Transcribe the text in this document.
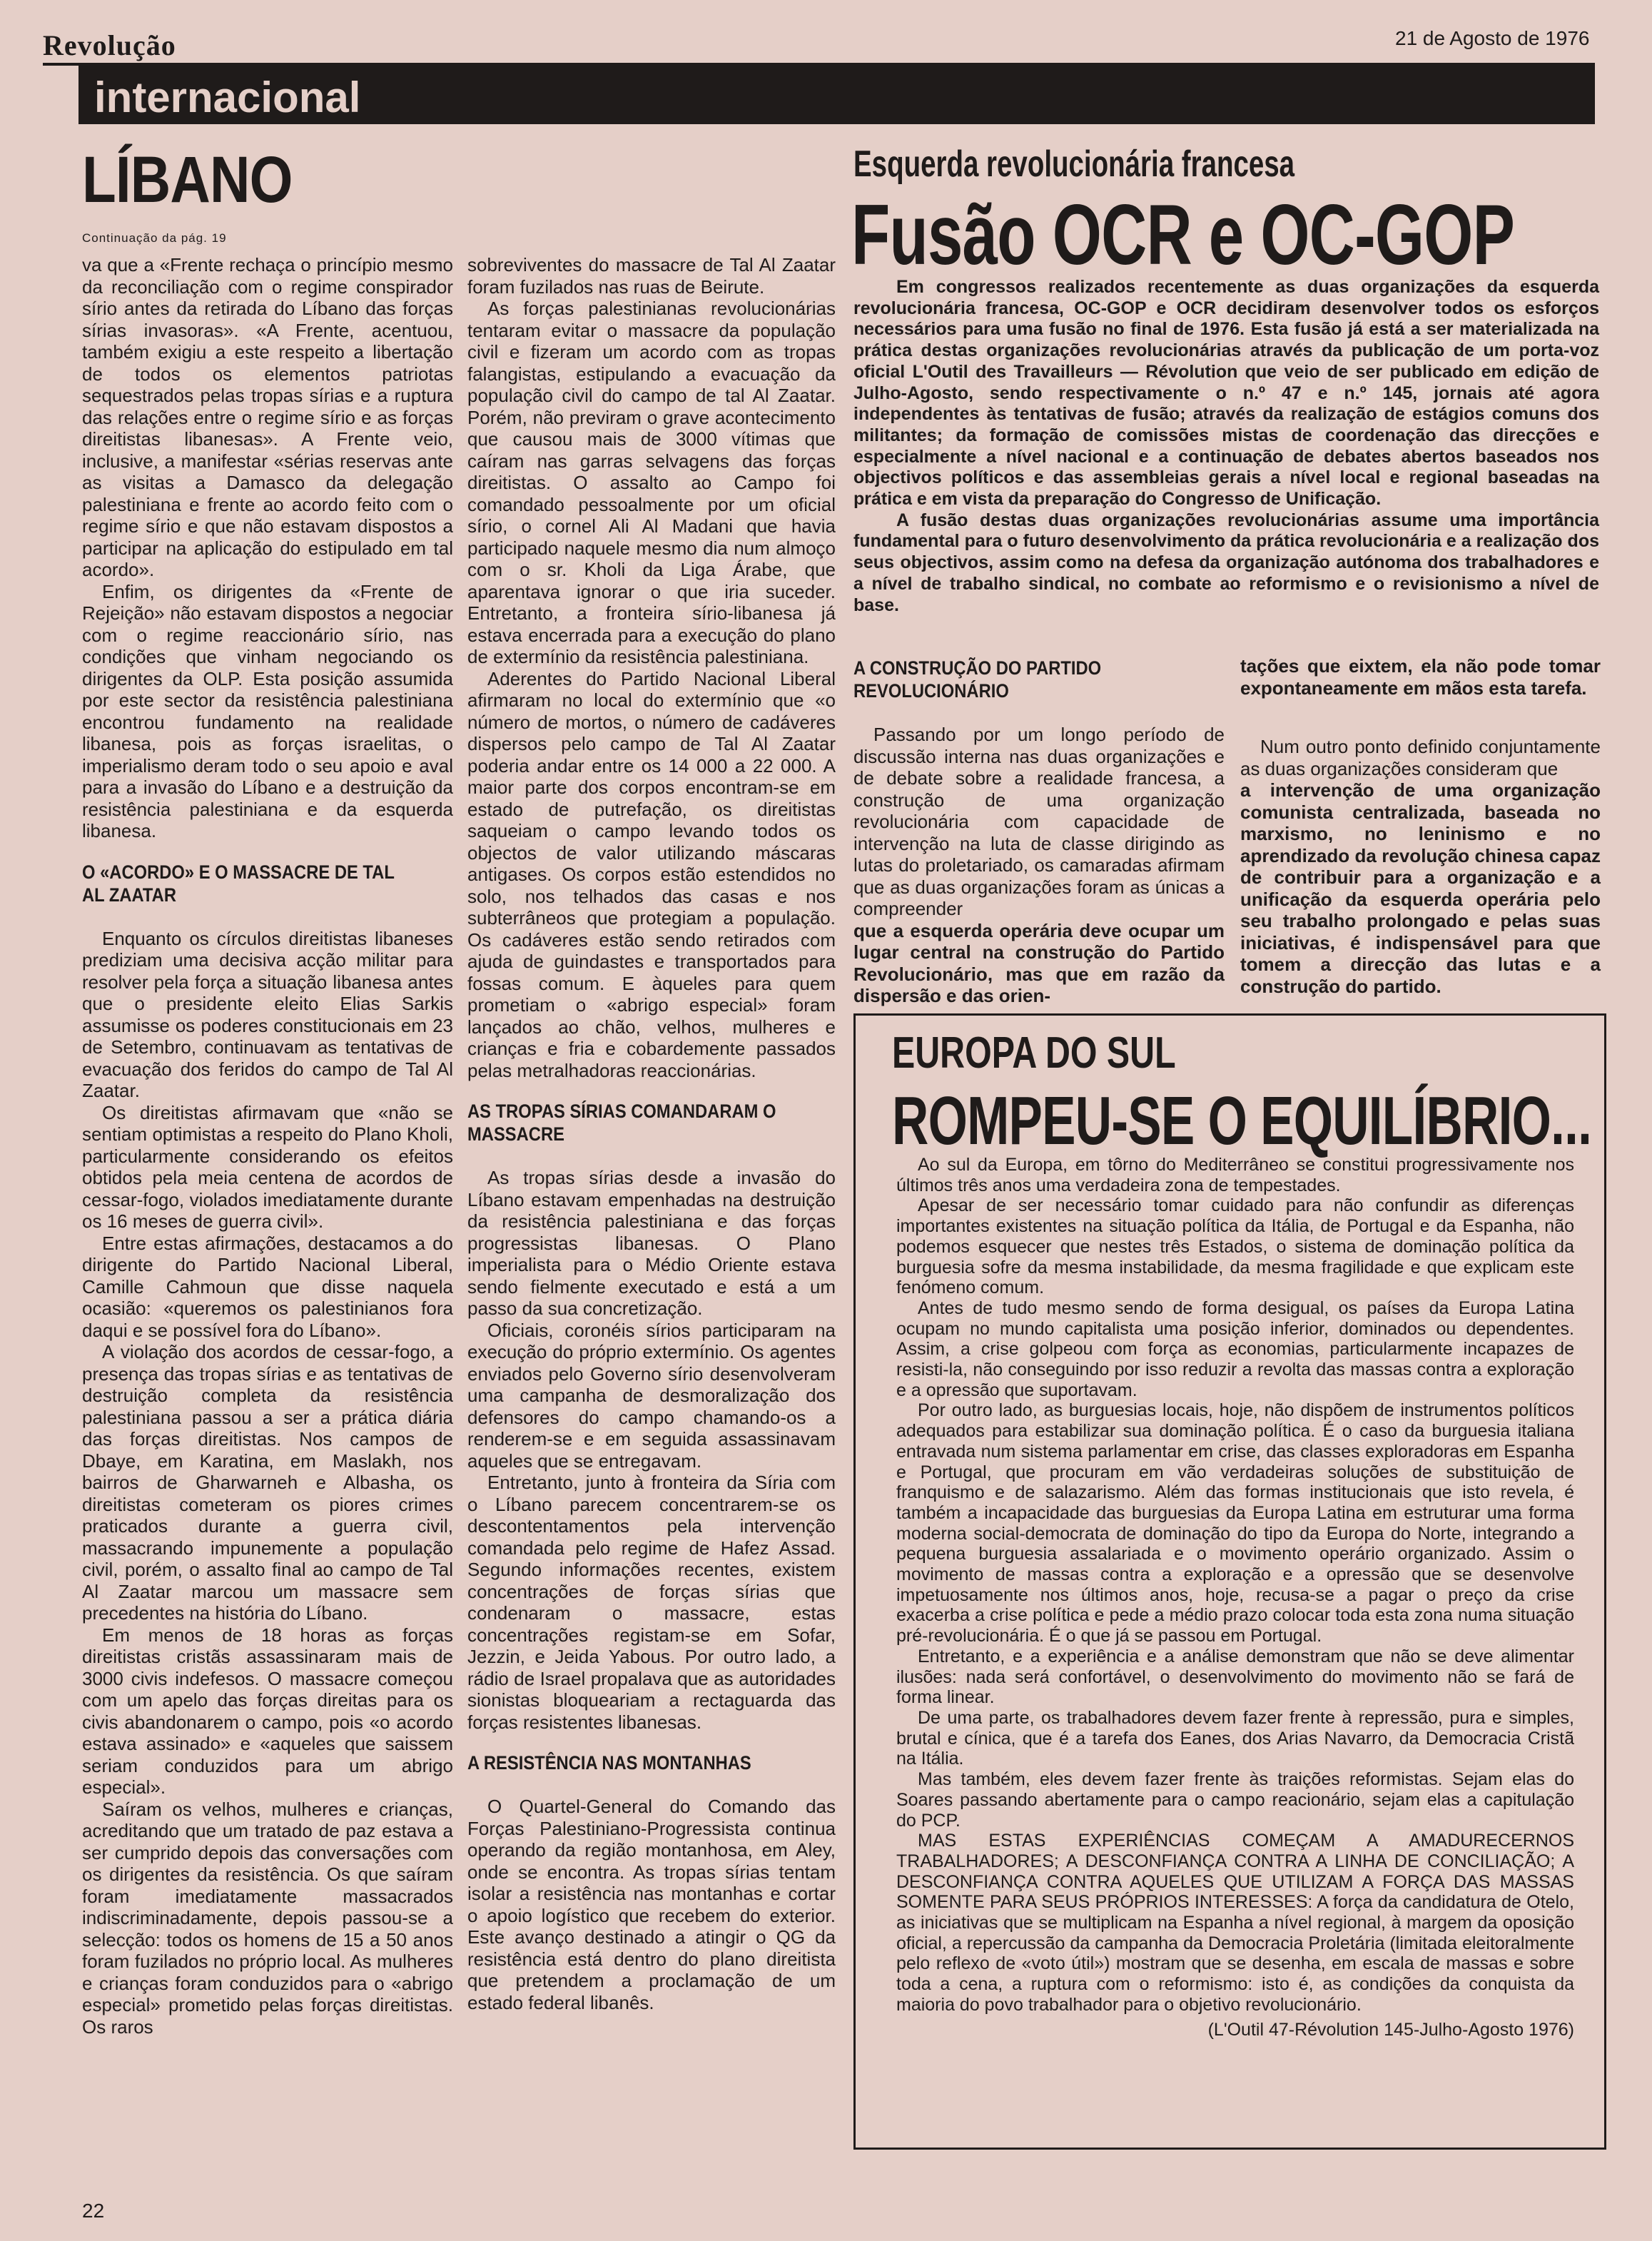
Revolução	21 de Agosto de 1976
internacional
LÍBANO
Continuação da pág. 19

va que a «Frente rechaça o princípio mesmo da reconciliação com o regime conspirador sírio antes da retirada do Líbano das forças sírias invasoras». «A Frente, acentuou, também exigiu a este respeito a libertação de todos os elementos patriotas sequestrados pelas tropas sírias e a ruptura das relações entre o regime sírio e as forças direitistas libanesas». A Frente veio, inclusive, a manifestar «sérias reservas ante as visitas a Damasco da delegação palestiniana e frente ao acordo feito com o regime sírio e que não estavam dispostos a participar na aplicação do estipulado em tal acordo».

Enfim, os dirigentes da «Frente de Rejeição» não estavam dispostos a negociar com o regime reaccionário sírio, nas condições que vinham negociando os dirigentes da OLP. Esta posição assumida por este sector da resistência palestiniana encontrou fundamento na realidade libanesa, pois as forças israelitas, o imperialismo deram todo o seu apoio e aval para a invasão do Líbano e a destruição da resistência palestiniana e da esquerda libanesa.

O «ACORDO» E O MASSACRE DE TAL AL ZAATAR

Enquanto os círculos direitistas libaneses prediziam uma decisiva acção militar para resolver pela força a situação libanesa antes que o presidente eleito Elias Sarkis assumisse os poderes constitucionais em 23 de Setembro, continuavam as tentativas de evacuação dos feridos do campo de Tal Al Zaatar.

Os direitistas afirmavam que «não se sentiam optimistas a respeito do Plano Kholi, particularmente considerando os efeitos obtidos pela meia centena de acordos de cessar-fogo, violados imediatamente durante os 16 meses de guerra civil».

Entre estas afirmações, destacamos a do dirigente do Partido Nacional Liberal, Camille Cahmoun que disse naquela ocasião: «queremos os palestinianos fora daqui e se possível fora do Líbano».

A violação dos acordos de cessar-fogo, a presença das tropas sírias e as tentativas de destruição completa da resistência palestiniana passou a ser a prática diária das forças direitistas. Nos campos de Dbaye, em Karatina, em Maslakh, nos bairros de Gharwarneh e Albasha, os direitistas cometeram os piores crimes praticados durante a guerra civil, massacrando impunemente a população civil, porém, o assalto final ao campo de Tal Al Zaatar marcou um massacre sem precedentes na história do Líbano.

Em menos de 18 horas as forças direitistas cristãs assassinaram mais de 3000 civis indefesos. O massacre começou com um apelo das forças direitas para os civis abandonarem o campo, pois «o acordo estava assinado» e «aqueles que saissem seriam conduzidos para um abrigo especial».

Saíram os velhos, mulheres e crianças, acreditando que um tratado de paz estava a ser cumprido depois das conversações com os dirigentes da resistência. Os que saíram foram imediatamente massacrados indiscriminadamente, depois passou-se a selecção: todos os homens de 15 a 50 anos foram fuzilados no próprio local. As mulheres e crianças foram conduzidos para o «abrigo especial» prometido pelas forças direitistas. Os raros

sobreviventes do massacre de Tal Al Zaatar foram fuzilados nas ruas de Beirute.

As forças palestinianas revolucionárias tentaram evitar o massacre da população civil e fizeram um acordo com as tropas falangistas, estipulando a evacuação da população civil do campo de tal Al Zaatar. Porém, não previram o grave acontecimento que causou mais de 3000 vítimas que caíram nas garras selvagens das forças direitistas. O assalto ao Campo foi comandado pessoalmente por um oficial sírio, o cornel Ali Al Madani que havia participado naquele mesmo dia num almoço com o sr. Kholi da Liga Árabe, que aparentava ignorar o que iria suceder. Entretanto, a fronteira sírio-libanesa já estava encerrada para a execução do plano de extermínio da resistência palestiniana.

Aderentes do Partido Nacional Liberal afirmaram no local do extermínio que «o número de mortos, o número de cadáveres dispersos pelo campo de Tal Al Zaatar poderia andar entre os 14 000 a 22 000. A maior parte dos corpos encontram-se em estado de putrefação, os direitistas saqueiam o campo levando todos os objectos de valor utilizando máscaras antigases. Os corpos estão estendidos no solo, nos telhados das casas e nos subterrâneos que protegiam a população. Os cadáveres estão sendo retirados com ajuda de guindastes e transportados para fossas comum. E àqueles para quem prometiam o «abrigo especial» foram lançados ao chão, velhos, mulheres e crianças e fria e cobardemente passados pelas metralhadoras reaccionárias.

AS TROPAS SÍRIAS COMANDARAM O MASSACRE

As tropas sírias desde a invasão do Líbano estavam empenhadas na destruição da resistência palestiniana e das forças progressistas libanesas. O Plano imperialista para o Médio Oriente estava sendo fielmente executado e está a um passo da sua concretização.

Oficiais, coronéis sírios participaram na execução do próprio extermínio. Os agentes enviados pelo Governo sírio desenvolveram uma campanha de desmoralização dos defensores do campo chamando-os a renderem-se e em seguida assassinavam aqueles que se entregavam.

Entretanto, junto à fronteira da Síria com o Líbano parecem concentrarem-se os descontentamentos pela intervenção comandada pelo regime de Hafez Assad. Segundo informações recentes, existem concentrações de forças sírias que condenaram o massacre, estas concentrações registam-se em Sofar, Jezzin, e Jeida Yabous. Por outro lado, a rádio de Israel propalava que as autoridades sionistas bloqueariam a rectaguarda das forças resistentes libanesas.

A RESISTÊNCIA NAS MONTANHAS

O Quartel-General do Comando das Forças Palestiniano-Progressista continua operando da região montanhosa, em Aley, onde se encontra. As tropas sírias tentam isolar a resistência nas montanhas e cortar o apoio logístico que recebem do exterior. Este avanço destinado a atingir o QG da resistência está dentro do plano direitista que pretendem a proclamação de um estado federal libanês.

Esquerda revolucionária francesa
Fusão OCR e OC-GOP

Em congressos realizados recentemente as duas organizações da esquerda revolucionária francesa, OC-GOP e OCR decidiram desenvolver todos os esforços necessários para uma fusão no final de 1976. Esta fusão já está a ser materializada na prática destas organizações revolucionárias através da publicação de um porta-voz oficial L'Outil des Travailleurs — Révolution que veio de ser publicado em edição de Julho-Agosto, sendo respectivamente o n.º 47 e n.º 145, jornais até agora independentes às tentativas de fusão; através da realização de estágios comuns dos militantes; da formação de comissões mistas de coordenação das direcções e especialmente a nível nacional e a continuação de debates abertos baseados nos objectivos políticos e das assembleias gerais a nível local e regional baseadas na prática e em vista da preparação do Congresso de Unificação.

A fusão destas duas organizações revolucionárias assume uma importância fundamental para o futuro desenvolvimento da prática revolucionária e a realização dos seus objectivos, assim como na defesa da organização autónoma dos trabalhadores e a nível de trabalho sindical, no combate ao reformismo e o revisionismo a nível de base.

A CONSTRUÇÃO DO PARTIDO REVOLUCIONÁRIO

Passando por um longo período de discussão interna nas duas organizações e de debate sobre a realidade francesa, a construção de uma organização revolucionária com capacidade de intervenção na luta de classe dirigindo as lutas do proletariado, os camaradas afirmam que as duas organizações foram as únicas a compreender

que a esquerda operária deve ocupar um lugar central na construção do Partido Revolucionário, mas que em razão da dispersão e das orien-

tações que eixtem, ela não pode tomar expontaneamente em mãos esta tarefa.

Num outro ponto definido conjuntamente as duas organizações consideram que

a intervenção de uma organização comunista centralizada, baseada no marxismo, no leninismo e no aprendizado da revolução chinesa capaz de contribuir para a organização e a unificação da esquerda operária pelo seu trabalho prolongado e pelas suas iniciativas, é indispensável para que tomem a direcção das lutas e a construção do partido.

EUROPA DO SUL
ROMPEU-SE O EQUILÍBRIO...

Ao sul da Europa, em tôrno do Mediterrâneo se constitui progressivamente nos últimos três anos uma verdadeira zona de tempestades.

Apesar de ser necessário tomar cuidado para não confundir as diferenças importantes existentes na situação política da Itália, de Portugal e da Espanha, não podemos esquecer que nestes três Estados, o sistema de dominação política da burguesia sofre da mesma instabilidade, da mesma fragilidade e que explicam este fenómeno comum.

Antes de tudo mesmo sendo de forma desigual, os países da Europa Latina ocupam no mundo capitalista uma posição inferior, dominados ou dependentes. Assim, a crise golpeou com força as economias, particularmente incapazes de resisti-la, não conseguindo por isso reduzir a revolta das massas contra a exploração e a opressão que suportavam.

Por outro lado, as burguesias locais, hoje, não dispõem de instrumentos políticos adequados para estabilizar sua dominação política. É o caso da burguesia italiana entravada num sistema parlamentar em crise, das classes exploradoras em Espanha e Portugal, que procuram em vão verdadeiras soluções de substituição de franquismo e de salazarismo. Além das formas institucionais que isto revela, é também a incapacidade das burguesias da Europa Latina em estruturar uma forma moderna social-democrata de dominação do tipo da Europa do Norte, integrando a pequena burguesia assalariada e o movimento operário organizado. Assim o movimento de massas contra a exploração e a opressão que se desenvolve impetuosamente nos últimos anos, hoje, recusa-se a pagar o preço da crise exacerba a crise política e pede a médio prazo colocar toda esta zona numa situação pré-revolucionária. É o que já se passou em Portugal.

Entretanto, e a experiência e a análise demonstram que não se deve alimentar ilusões: nada será confortável, o desenvolvimento do movimento não se fará de forma linear.

De uma parte, os trabalhadores devem fazer frente à repressão, pura e simples, brutal e cínica, que é a tarefa dos Eanes, dos Arias Navarro, da Democracia Cristã na Itália.

Mas também, eles devem fazer frente às traições reformistas. Sejam elas do Soares passando abertamente para o campo reacionário, sejam elas a capitulação do PCP.

MAS ESTAS EXPERIÊNCIAS COMEÇAM A AMADURECERNOS TRABALHADORES; A DESCONFIANÇA CONTRA A LINHA DE CONCILIAÇÃO; A DESCONFIANÇA CONTRA AQUELES QUE UTILIZAM A FORÇA DAS MASSAS SOMENTE PARA SEUS PRÓPRIOS INTERESSES: A força da candidatura de Otelo, as iniciativas que se multiplicam na Espanha a nível regional, à margem da oposição oficial, a repercussão da campanha da Democracia Proletária (limitada eleitoralmente pelo reflexo de «voto útil») mostram que se desenha, em escala de massas e sobre toda a cena, a ruptura com o reformismo: isto é, as condições da conquista da maioria do povo trabalhador para o objetivo revolucionário.

(L'Outil 47-Révolution 145-Julho-Agosto 1976)

22
